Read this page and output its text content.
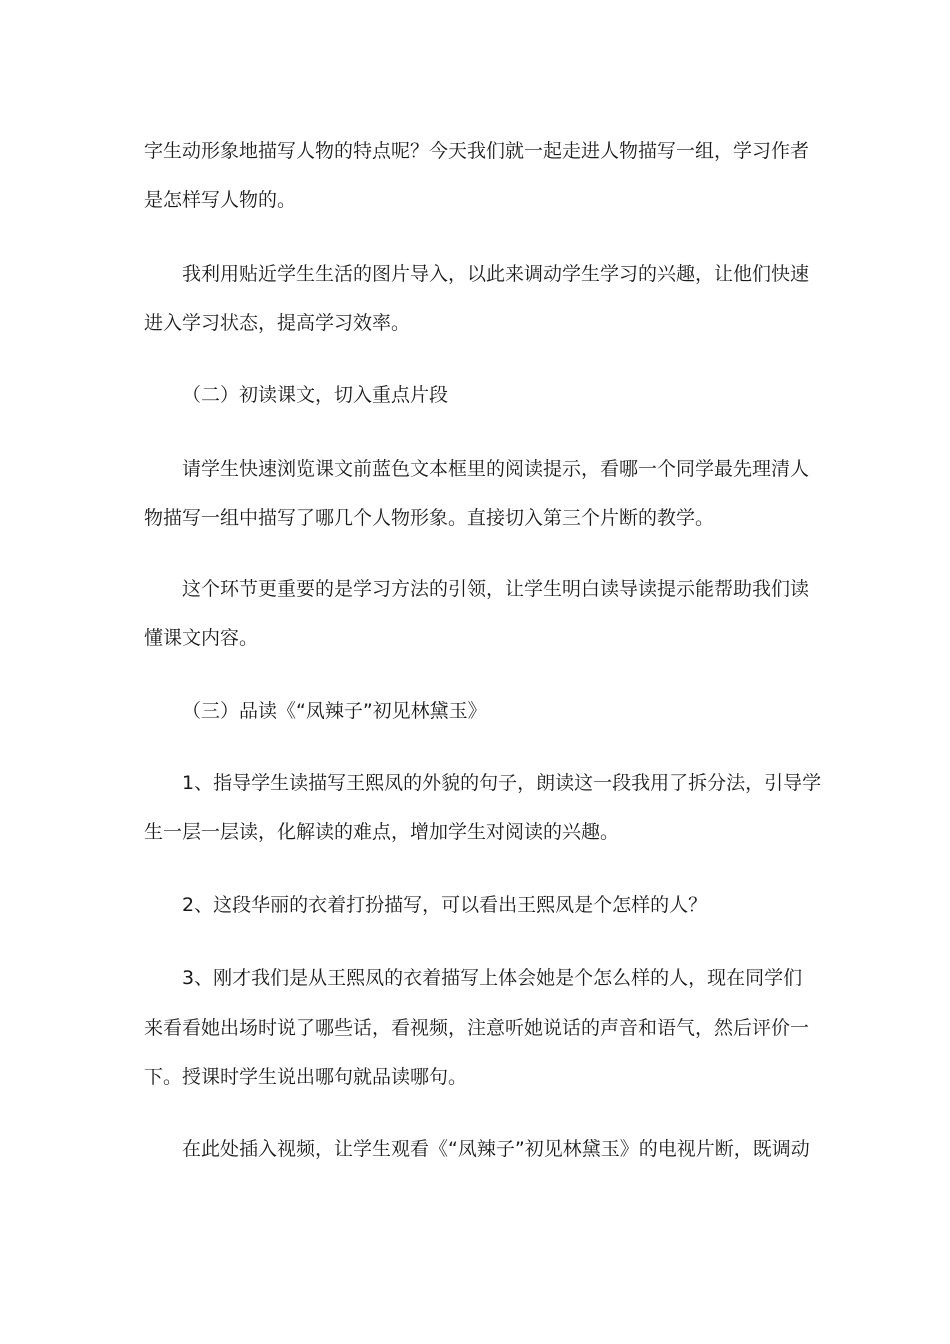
字生动形象地描写人物的特点呢？今天我们就一起走进人物描写一组，学习作者
是怎样写人物的。
我利用贴近学生生活的图片导入，以此来调动学生学习的兴趣，让他们快速
进入学习状态，提高学习效率。
（二）初读课文，切入重点片段
请学生快速浏览课文前蓝色文本框里的阅读提示，看哪一个同学最先理清人
物描写一组中描写了哪几个人物形象。直接切入第三个片断的教学。
这个环节更重要的是学习方法的引领，让学生明白读导读提示能帮助我们读
懂课文内容。
（三）品读《“凤辣子”初见林黛玉》
1、指导学生读描写王熙凤的外貌的句子，朗读这一段我用了拆分法，引导学
生一层一层读，化解读的难点，增加学生对阅读的兴趣。
2、这段华丽的衣着打扮描写，可以看出王熙凤是个怎样的人？
3、刚才我们是从王熙凤的衣着描写上体会她是个怎么样的人，现在同学们
来看看她出场时说了哪些话，看视频，注意听她说话的声音和语气，然后评价一
下。授课时学生说出哪句就品读哪句。
在此处插入视频，让学生观看《“凤辣子”初见林黛玉》的电视片断，既调动
